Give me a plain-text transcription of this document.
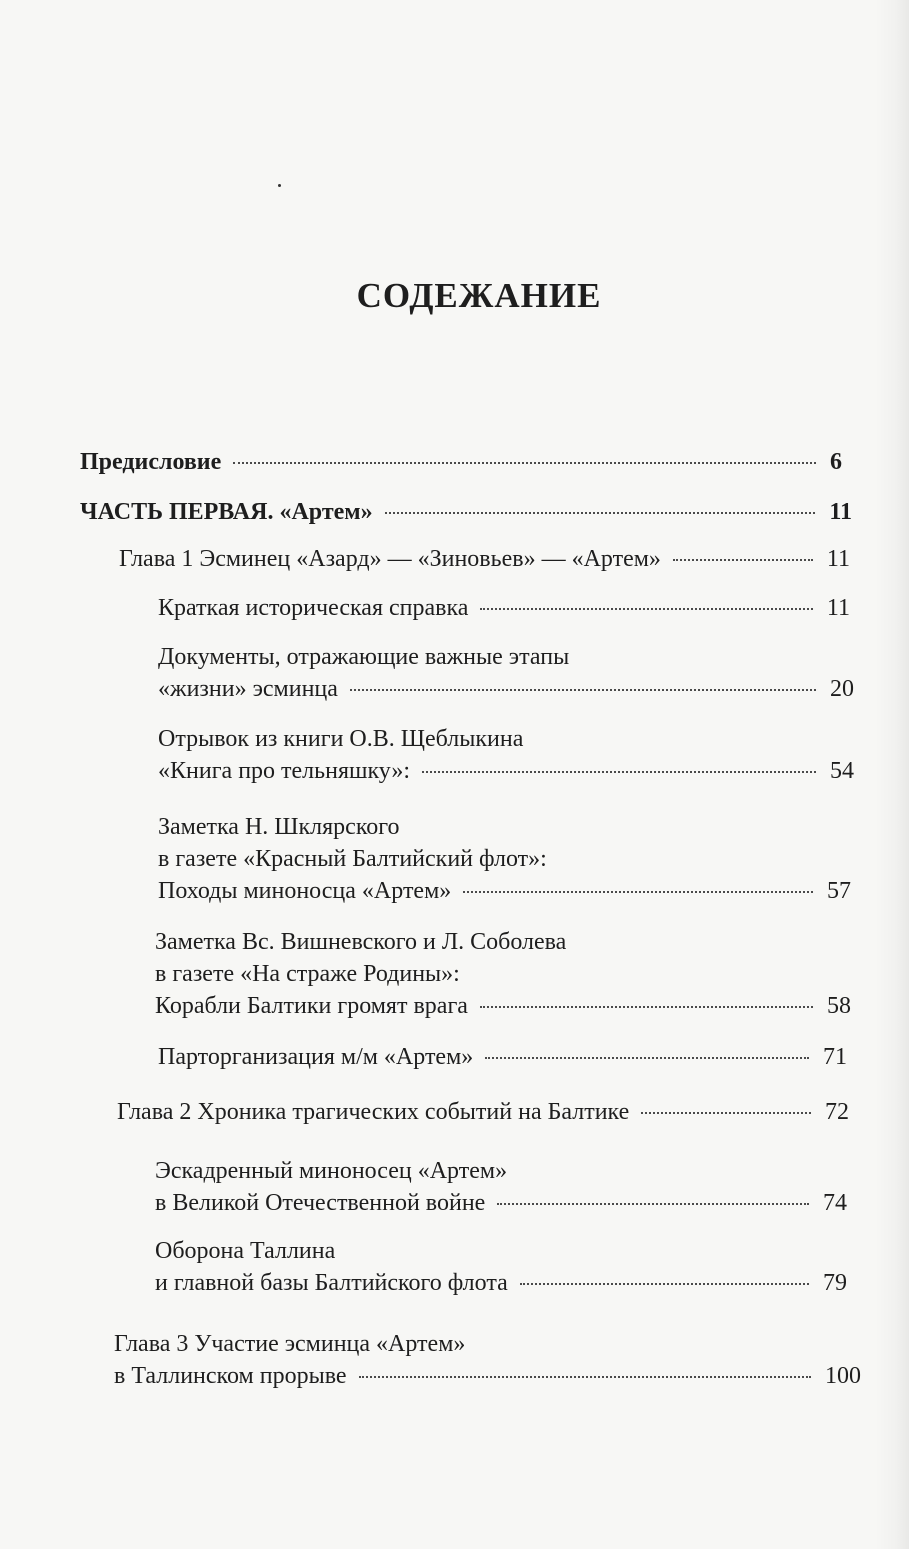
СОДЕЖАНИЕ
Предисловие	6
ЧАСТЬ ПЕРВАЯ. «Артем»	11
Глава 1 Эсминец «Азард» — «Зиновьев» — «Артем»	11
Краткая историческая справка	11
Документы, отражающие важные этапы
«жизни» эсминца	20
Отрывок из книги О.В. Щеблыкина
«Книга про тельняшку»:	54
Заметка Н. Шклярского
в газете «Красный Балтийский флот»:
Походы миноносца «Артем»	57
Заметка Вс. Вишневского и Л. Соболева
в газете «На страже Родины»:
Корабли Балтики громят врага	58
Парторганизация м/м «Артем»	71
Глава 2 Хроника трагических событий на Балтике	72
Эскадренный миноносец «Артем»
в Великой Отечественной войне	74
Оборона Таллина
и главной базы Балтийского флота	79
Глава 3 Участие эсминца «Артем»
в Таллинском прорыве	100
